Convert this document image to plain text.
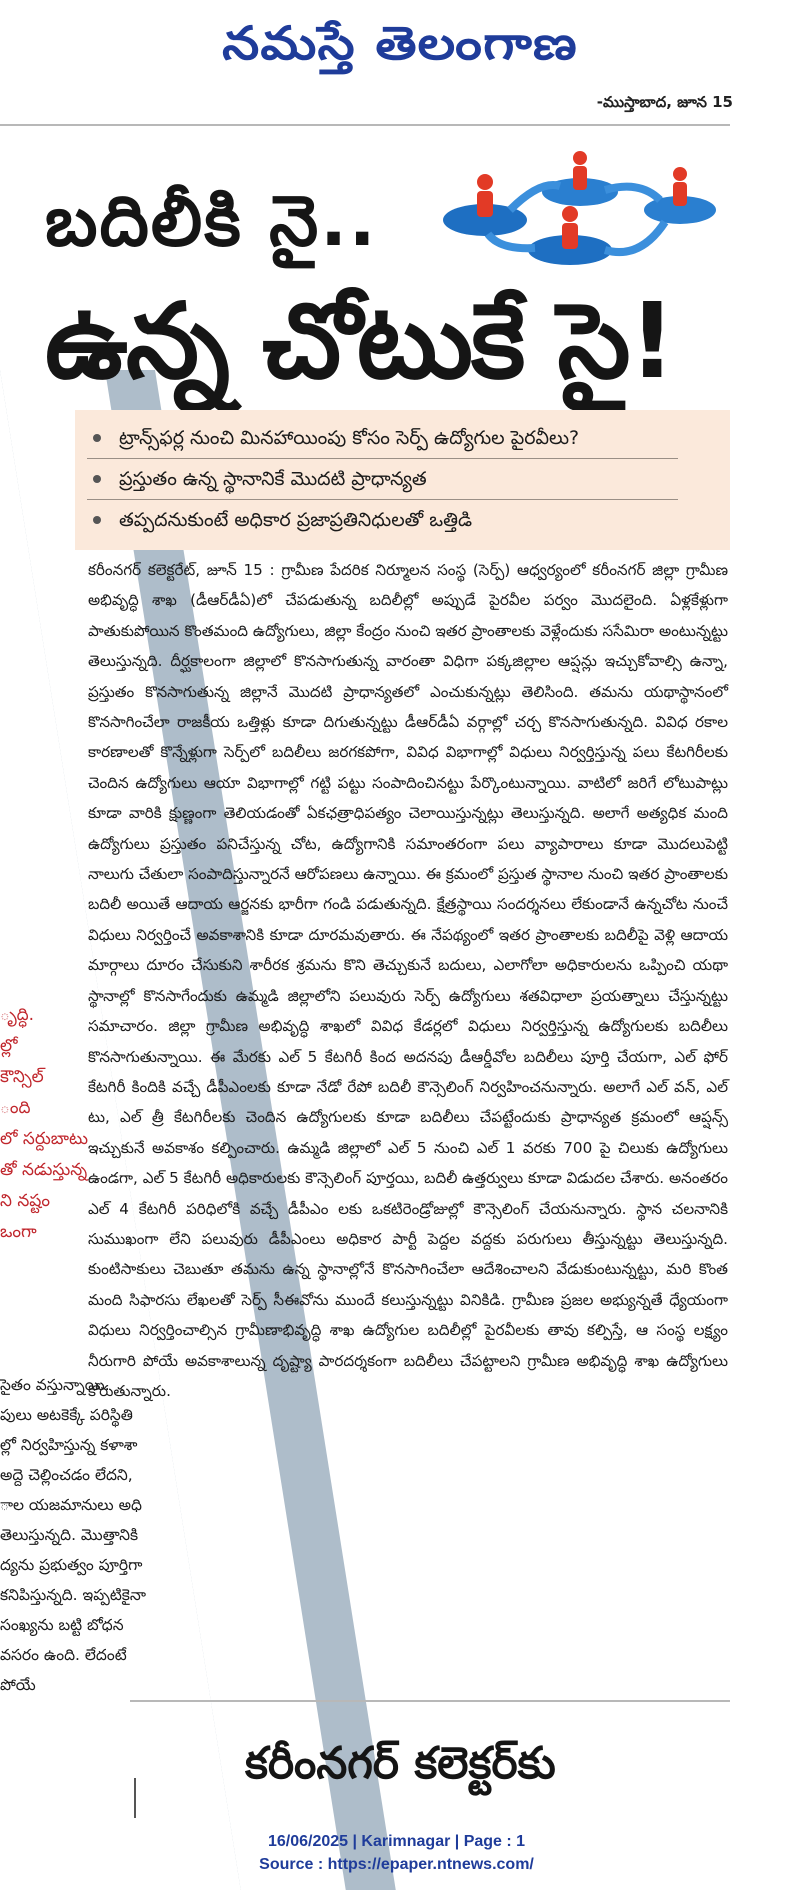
నమస్తే తెలంగాణ
-ముస్తాబాద, జూన 15
ృద్ధి.
ల్లో
కౌన్సిల్
ంది
లో సర్దుబాటు
తో నడుస్తున్న
ని నష్టం
ఒంగా
సైతం వస్తున్నాయి.
పులు అటకెక్కే పరిస్థితి
ల్లో నిర్వహిస్తున్న కళాశా
అద్దె చెల్లించడం లేదని,
ాల యజమానులు అధి
తెలుస్తున్నది. మొత్తానికి
ద్యను ప్రభుత్వం పూర్తిగా
కనిపిస్తున్నది. ఇప్పటికైనా
సంఖ్యను బట్టి బోధన
వసరం ఉంది. లేదంటే
పోయే
బదిలీకి నై..
ఉన్న చోటుకే సై!
ట్రాన్స్‌ఫర్ల నుంచి మినహాయింపు కోసం సెర్ప్ ఉద్యోగుల పైరవీలు?
ప్రస్తుతం ఉన్న స్థానానికే మొదటి ప్రాధాన్యత
తప్పదనుకుంటే అధికార ప్రజాప్రతినిధులతో ఒత్తిడి
కరీంనగర్ కలెక్టరేట్, జూన్ 15 : గ్రామీణ పేదరిక నిర్మూలన సంస్థ (సెర్ప్) ఆధ్వర్యంలో కరీంనగర్ జిల్లా గ్రామీణ అభివృద్ధి శాఖ (డీఆర్‌డీఏ)లో చేపడుతున్న బదిలీల్లో అప్పుడే పైరవీల పర్వం మొదలైంది. ఏళ్లకేళ్లుగా పాతుకుపోయిన కొంతమంది ఉద్యోగులు, జిల్లా కేంద్రం నుంచి ఇతర ప్రాంతాలకు వెళ్లేందుకు ససేమిరా అంటున్నట్టు తెలుస్తున్నది. దీర్ఘకాలంగా జిల్లాలో కొనసాగుతున్న వారంతా విధిగా పక్కజిల్లాల ఆప్షన్లు ఇచ్చుకోవాల్సి ఉన్నా, ప్రస్తుతం కొనసాగుతున్న జిల్లానే మొదటి ప్రాధాన్యతలో ఎంచుకున్నట్లు తెలిసింది. తమను యథాస్థానంలో కొనసాగించేలా రాజకీయ ఒత్తిళ్లు కూడా దిగుతున్నట్టు డీఆర్‌డీఏ వర్గాల్లో చర్చ కొనసాగుతున్నది. వివిధ రకాల కారణాలతో కొన్నేళ్లుగా సెర్ప్‌లో బదిలీలు జరగకపోగా, వివిధ విభాగాల్లో విధులు నిర్వర్తిస్తున్న పలు కేటగిరీలకు చెందిన ఉద్యోగులు ఆయా విభాగాల్లో గట్టి పట్టు సంపాదించినట్టు పేర్కొంటున్నాయి. వాటిలో జరిగే లోటుపాట్లు కూడా వారికి క్షుణ్ణంగా తెలియడంతో ఏకఛత్రాధిపత్యం చెలాయిస్తున్నట్లు తెలుస్తున్నది. అలాగే అత్యధిక మంది ఉద్యోగులు ప్రస్తుతం పనిచేస్తున్న చోట, ఉద్యోగానికి సమాంతరంగా పలు వ్యాపారాలు కూడా మొదలుపెట్టి నాలుగు చేతులా సంపాదిస్తున్నారనే ఆరోపణలు ఉన్నాయి. ఈ క్రమంలో ప్రస్తుత స్థానాల నుంచి ఇతర ప్రాంతాలకు బదిలీ అయితే ఆదాయ ఆర్జనకు భారీగా గండి పడుతున్నది. క్షేత్రస్థాయి సందర్శనలు లేకుండానే ఉన్నచోట నుంచే విధులు నిర్వర్తించే అవకాశానికి కూడా దూరమవుతారు. ఈ నేపథ్యంలో ఇతర ప్రాంతాలకు బదిలీపై వెళ్లి ఆదాయ మార్గాలు దూరం చేసుకుని శారీరక శ్రమను కొని తెచ్చుకునే బదులు, ఎలాగోలా అధికారులను ఒప్పించి యథా స్థానాల్లో కొనసాగేందుకు ఉమ్మడి జిల్లాలోని పలువురు సెర్ప్ ఉద్యోగులు శతవిధాలా ప్రయత్నాలు చేస్తున్నట్టు సమాచారం. జిల్లా గ్రామీణ అభివృద్ధి శాఖలో వివిధ కేడర్లలో విధులు నిర్వర్తిస్తున్న ఉద్యోగులకు బదిలీలు కొనసాగుతున్నాయి. ఈ మేరకు ఎల్ 5 కేటగిరీ కింద అదనపు డీఆర్డీవోల బదిలీలు పూర్తి చేయగా, ఎల్ ఫోర్ కేటగిరీ కిందికి వచ్చే డీపీఎంలకు కూడా నేడో రేపో బదిలీ కౌన్సెలింగ్ నిర్వహించనున్నారు. అలాగే ఎల్ వన్, ఎల్ టు, ఎల్ త్రీ కేటగిరీలకు చెందిన ఉద్యోగులకు కూడా బదిలీలు చేపట్టేందుకు ప్రాధాన్యత క్రమంలో ఆప్షన్స్ ఇచ్చుకునే అవకాశం కల్పించారు. ఉమ్మడి జిల్లాలో ఎల్ 5 నుంచి ఎల్ 1 వరకు 700 పై చిలుకు ఉద్యోగులు ఉండగా, ఎల్ 5 కేటగిరీ అధికారులకు కౌన్సెలింగ్ పూర్తయి, బదిలీ ఉత్తర్వులు కూడా విడుదల చేశారు. అనంతరం ఎల్ 4 కేటగిరీ పరిధిలోకి వచ్చే డీపీఎం లకు ఒకటిరెండ్రోజుల్లో కౌన్సెలింగ్ చేయనున్నారు. స్థాన చలనానికి సుముఖంగా లేని పలువురు డీపీఎంలు అధికార పార్టీ పెద్దల వద్దకు పరుగులు తీస్తున్నట్టు తెలుస్తున్నది. కుంటిసాకులు చెబుతూ తమను ఉన్న స్థానాల్లోనే కొనసాగించేలా ఆదేశించాలని వేడుకుంటున్నట్టు, మరి కొంత మంది సిఫారసు లేఖలతో సెర్ప్ సీఈవోను ముందే కలుస్తున్నట్టు వినికిడి. గ్రామీణ ప్రజల అభ్యున్నతే ధ్యేయంగా విధులు నిర్వర్తించాల్సిన గ్రామీణాభివృద్ధి శాఖ ఉద్యోగుల బదిలీల్లో పైరవీలకు తావు కల్పిస్తే, ఆ సంస్థ లక్ష్యం నీరుగారి పోయే అవకాశాలున్న దృష్ట్యా పారదర్శకంగా బదిలీలు చేపట్టాలని గ్రామీణ అభివృద్ధి శాఖ ఉద్యోగులు కోరుతున్నారు.
కరీంనగర్ కలెక్టర్‌కు
16/06/2025 | Karimnagar | Page : 1
Source : https://epaper.ntnews.com/
